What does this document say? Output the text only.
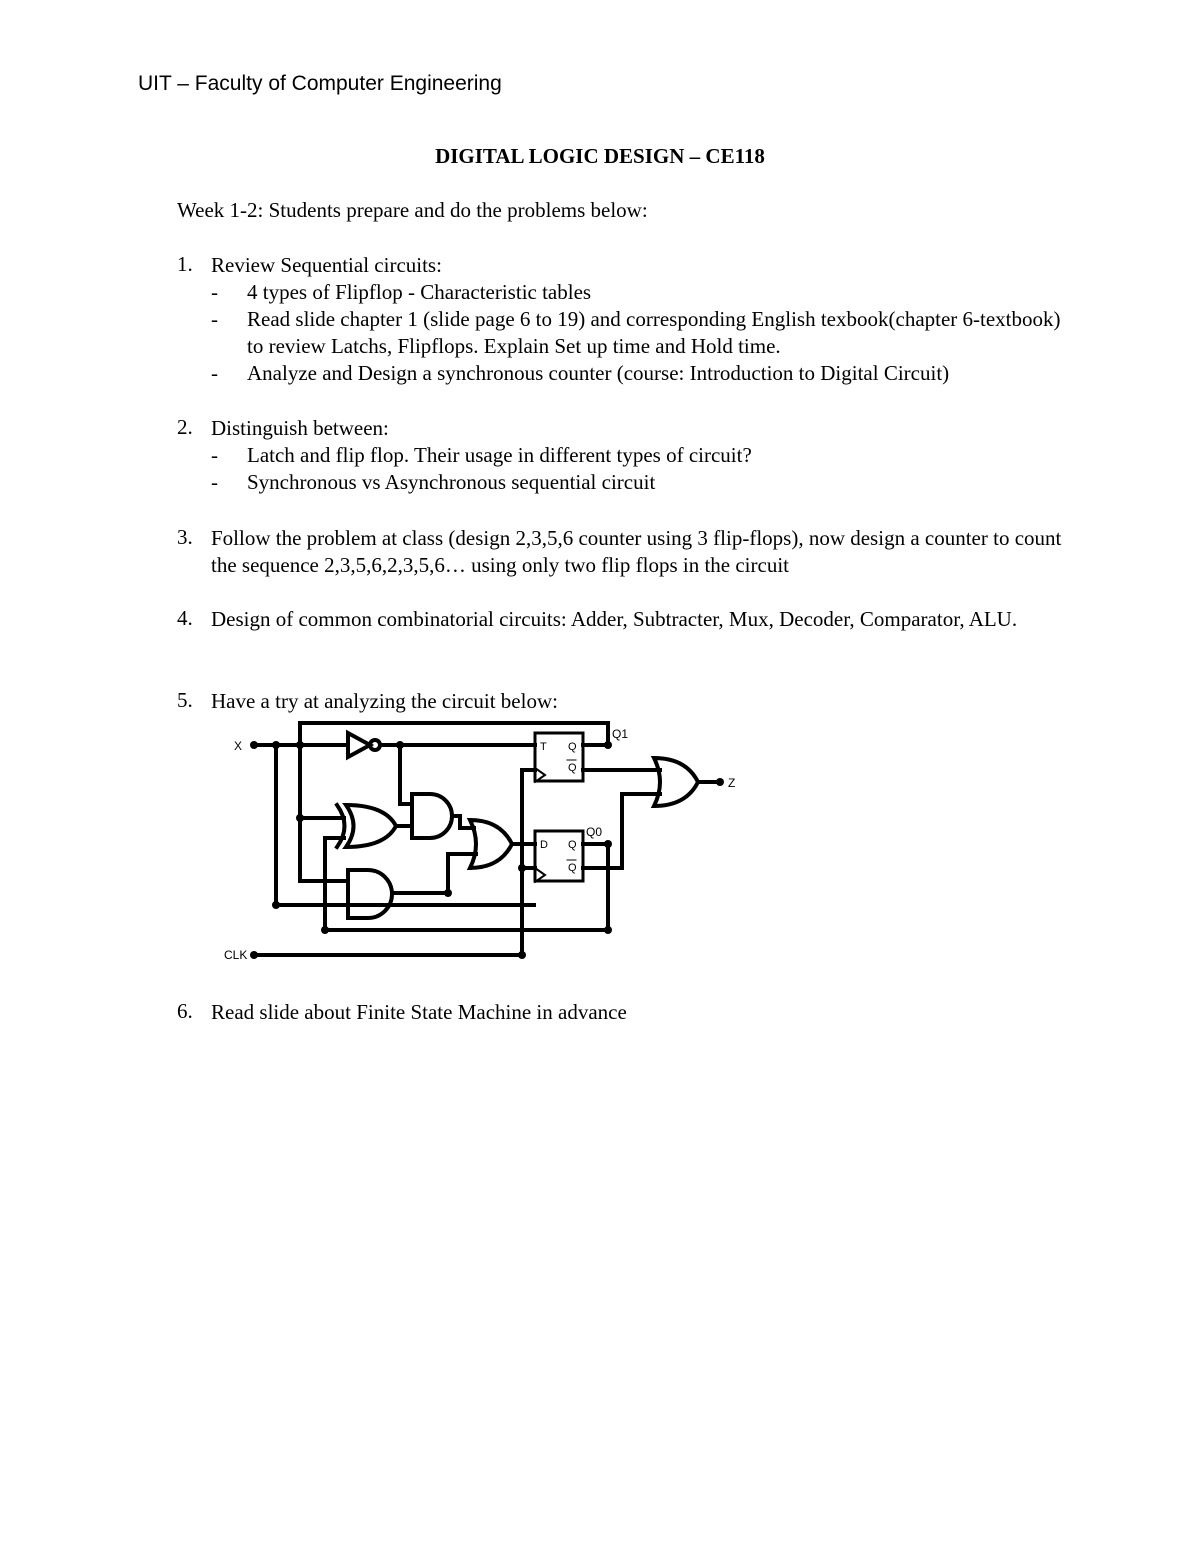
UIT – Faculty of Computer Engineering
DIGITAL LOGIC DESIGN – CE118
Week 1-2: Students prepare and do the problems below:
1. Review Sequential circuits:
- 4 types of Flipflop - Characteristic tables
- Read slide chapter 1 (slide page 6 to 19) and corresponding English texbook(chapter 6-textbook) to review Latchs, Flipflops. Explain Set up time and Hold time.
- Analyze and Design a synchronous counter (course: Introduction to Digital Circuit)
2. Distinguish between:
- Latch and flip flop. Their usage in different types of circuit?
- Synchronous vs Asynchronous sequential circuit
3. Follow the problem at class (design 2,3,5,6 counter using 3 flip-flops), now design a counter to count the sequence 2,3,5,6,2,3,5,6… using only two flip flops in the circuit
4. Design of common combinatorial circuits: Adder, Subtracter, Mux, Decoder, Comparator, ALU.
5. Have a try at analyzing the circuit below:
X	T Q
Q
Q1
D Q
Q
Q0
Z
CLK
6. Read slide about Finite State Machine in advance
